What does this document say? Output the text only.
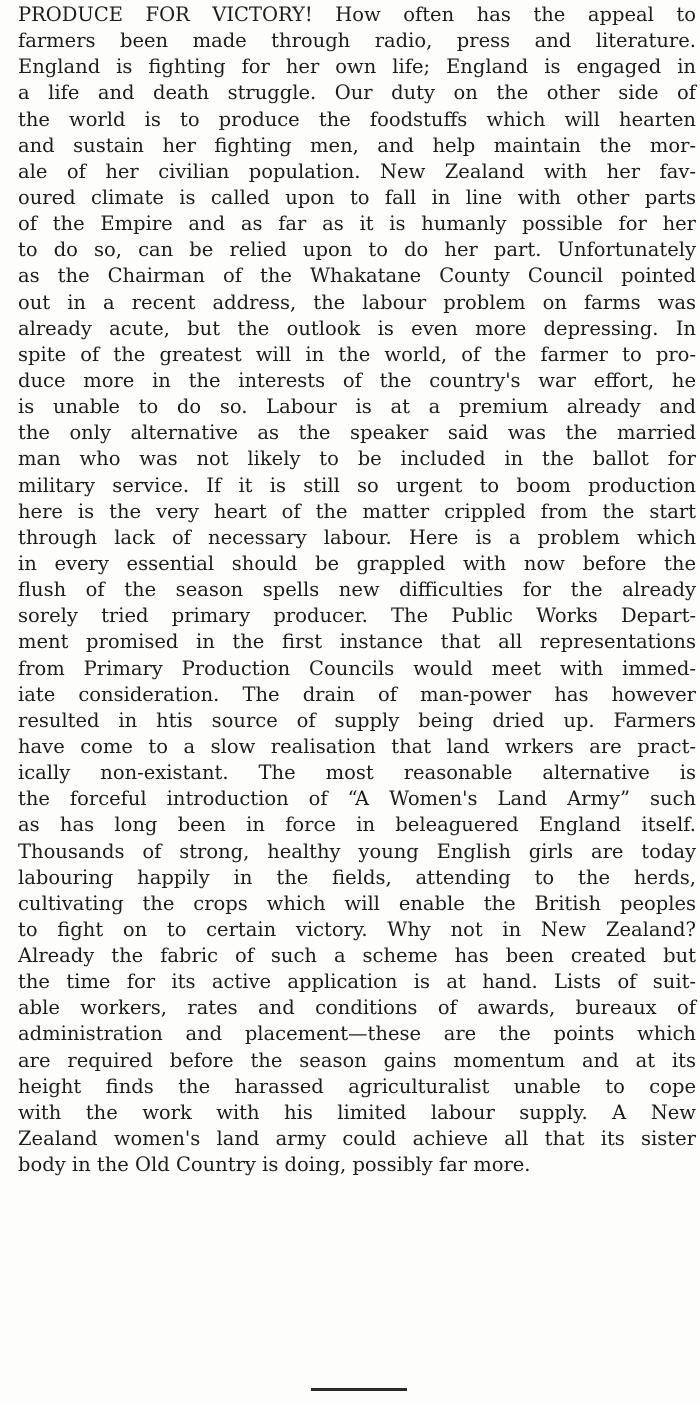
PRODUCE FOR VICTORY! How often has the appeal to
farmers been made through radio, press and literature.
England is fighting for her own life; England is engaged in
a life and death struggle. Our duty on the other side of
the world is to produce the foodstuffs which will hearten
and sustain her fighting men, and help maintain the mor-
ale of her civilian population. New Zealand with her fav-
oured climate is called upon to fall in line with other parts
of the Empire and as far as it is humanly possible for her
to do so, can be relied upon to do her part. Unfortunately
as the Chairman of the Whakatane County Council pointed
out in a recent address, the labour problem on farms was
already acute, but the outlook is even more depressing. In
spite of the greatest will in the world, of the farmer to pro-
duce more in the interests of the country's war effort, he
is unable to do so. Labour is at a premium already and
the only alternative as the speaker said was the married
man who was not likely to be included in the ballot for
military service. If it is still so urgent to boom production
here is the very heart of the matter crippled from the start
through lack of necessary labour. Here is a problem which
in every essential should be grappled with now before the
flush of the season spells new difficulties for the already
sorely tried primary producer. The Public Works Depart-
ment promised in the first instance that all representations
from Primary Production Councils would meet with immed-
iate consideration. The drain of man-power has however
resulted in htis source of supply being dried up. Farmers
have come to a slow realisation that land wrkers are pract-
ically non-existant. The most reasonable alternative is
the forceful introduction of “A Women's Land Army” such
as has long been in force in beleaguered England itself.
Thousands of strong, healthy young English girls are today
labouring happily in the fields, attending to the herds,
cultivating the crops which will enable the British peoples
to fight on to certain victory. Why not in New Zealand?
Already the fabric of such a scheme has been created but
the time for its active application is at hand. Lists of suit-
able workers, rates and conditions of awards, bureaux of
administration and placement—these are the points which
are required before the season gains momentum and at its
height finds the harassed agriculturalist unable to cope
with the work with his limited labour supply. A New
Zealand women's land army could achieve all that its sister
body in the Old Country is doing, possibly far more.
